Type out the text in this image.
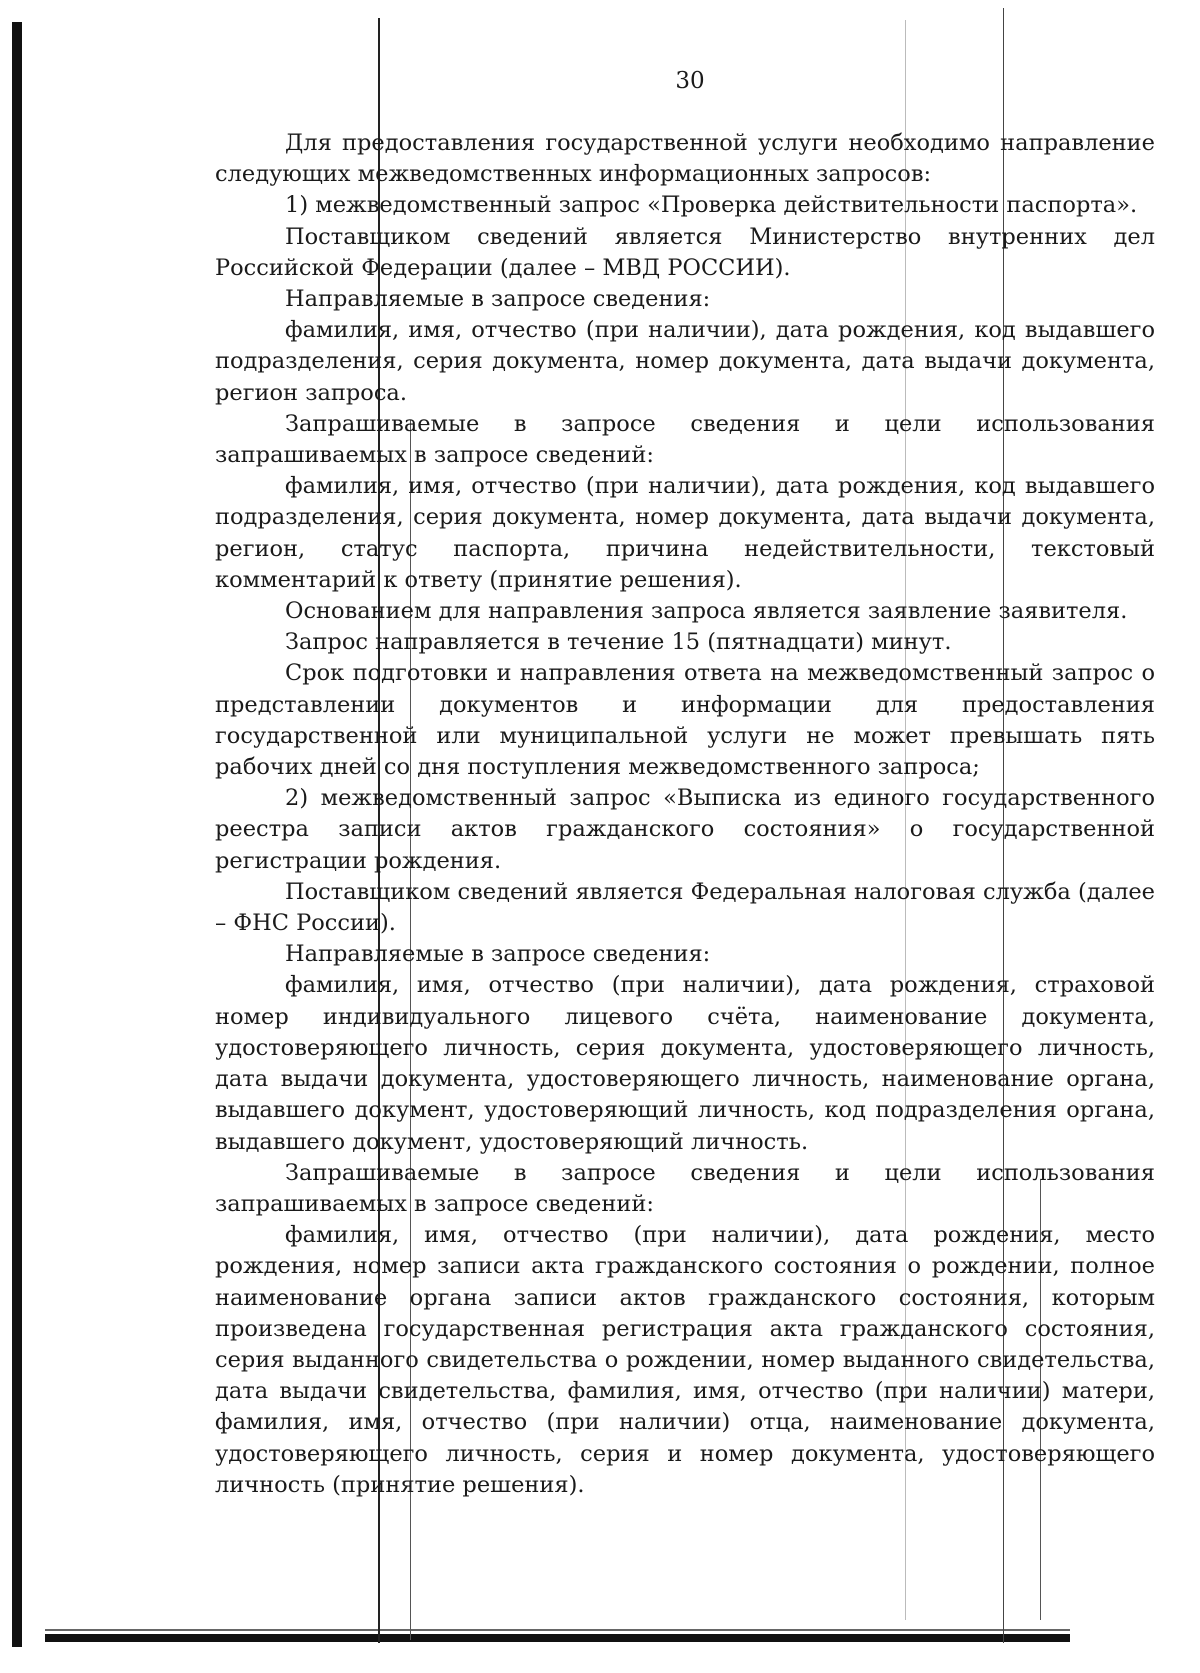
30

Для предоставления государственной услуги необходимо направление следующих межведомственных информационных запросов:

1) межведомственный запрос «Проверка действительности паспорта».

Поставщиком сведений является Министерство внутренних дел Российской Федерации (далее – МВД РОССИИ).

Направляемые в запросе сведения:

фамилия, имя, отчество (при наличии), дата рождения, код выдавшего подразделения, серия документа, номер документа, дата выдачи документа, регион запроса.

Запрашиваемые в запросе сведения и цели использования запрашиваемых в запросе сведений:

фамилия, имя, отчество (при наличии), дата рождения, код выдавшего подразделения, серия документа, номер документа, дата выдачи документа, регион, статус паспорта, причина недействительности, текстовый комментарий к ответу (принятие решения).

Основанием для направления запроса является заявление заявителя.

Запрос направляется в течение 15 (пятнадцати) минут.

Срок подготовки и направления ответа на межведомственный запрос о представлении документов и информации для предоставления государственной или муниципальной услуги не может превышать пять рабочих дней со дня поступления межведомственного запроса;

2) межведомственный запрос «Выписка из единого государственного реестра записи актов гражданского состояния» о государственной регистрации рождения.

Поставщиком сведений является Федеральная налоговая служба (далее – ФНС России).

Направляемые в запросе сведения:

фамилия, имя, отчество (при наличии), дата рождения, страховой номер индивидуального лицевого счёта, наименование документа, удостоверяющего личность, серия документа, удостоверяющего личность, дата выдачи документа, удостоверяющего личность, наименование органа, выдавшего документ, удостоверяющий личность, код подразделения органа, выдавшего документ, удостоверяющий личность.

Запрашиваемые в запросе сведения и цели использования запрашиваемых в запросе сведений:

фамилия, имя, отчество (при наличии), дата рождения, место рождения, номер записи акта гражданского состояния о рождении, полное наименование органа записи актов гражданского состояния, которым произведена государственная регистрация акта гражданского состояния, серия выданного свидетельства о рождении, номер выданного свидетельства, дата выдачи свидетельства, фамилия, имя, отчество (при наличии) матери, фамилия, имя, отчество (при наличии) отца, наименование документа, удостоверяющего личность, серия и номер документа, удостоверяющего личность (принятие решения).
